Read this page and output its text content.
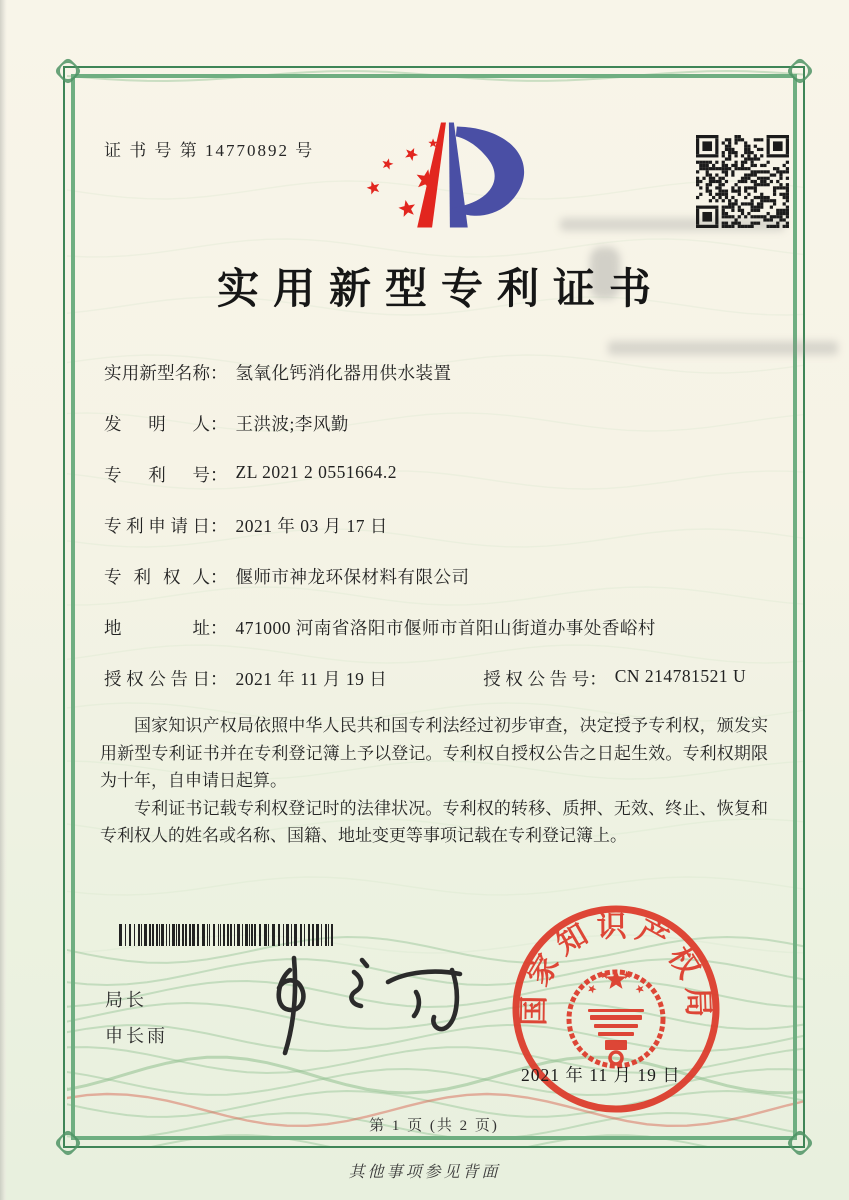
证 书 号 第 14770892 号
实用新型专利证书
实 用 新 型 名 称 ： 氢氧化钙消化器用供水装置
发 明 人 ： 王洪波;李风勤
专 利 号 ： ZL 2021 2 0551664.2
专 利 申 请 日 ： 2021 年 03 月 17 日
专 利 权 人 ： 偃师市神龙环保材料有限公司
地	址 ： 471000 河南省洛阳市偃师市首阳山街道办事处香峪村
授 权 公 告 日 ： 2021 年 11 月 19 日	授 权 公 告 号 ： CN 214781521 U

国家知识产权局依照中华人民共和国专利法经过初步审查，决定授予专利权，颁发实用新型专利证书并在专利登记簿上予以登记。专利权自授权公告之日起生效。专利权期限为十年，自申请日起算。

专利证书记载专利权登记时的法律状况。专利权的转移、质押、无效、终止、恢复和专利权人的姓名或名称、国籍、地址变更等事项记载在专利登记簿上。

局长
申长雨
国家知识产权局
2021 年 11 月 19 日
第 1 页 (共 2 页)
其他事项参见背面
